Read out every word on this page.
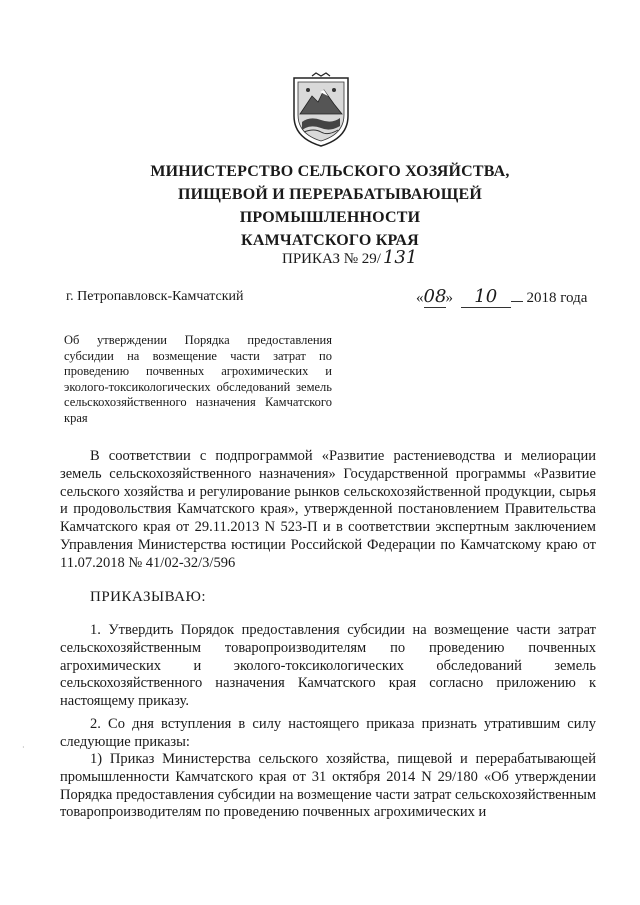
МИНИСТЕРСТВО СЕЛЬСКОГО ХОЗЯЙСТВА,
ПИЩЕВОЙ И ПЕРЕРАБАТЫВАЮЩЕЙ ПРОМЫШЛЕННОСТИ
КАМЧАТСКОГО КРАЯ
ПРИКАЗ № 29/ 131
г. Петропавловск-Камчатский	«08» 10 2018 года
Об утверждении Порядка предоставления субсидии на возмещение части затрат по проведению почвенных агрохимических и эколого-токсикологических обследований земель сельскохозяйственного назначения Камчатского края

В соответствии с подпрограммой «Развитие растениеводства и мелиорации земель сельскохозяйственного назначения» Государственной программы «Развитие сельского хозяйства и регулирование рынков сельскохозяйственной продукции, сырья и продовольствия Камчатского края», утвержденной постановлением Правительства Камчатского края от 29.11.2013 N 523-П и в соответствии экспертным заключением Управления Министерства юстиции Российской Федерации по Камчатскому краю от 11.07.2018 № 41/02-32/3/596

ПРИКАЗЫВАЮ:

1. Утвердить Порядок предоставления субсидии на возмещение части затрат сельскохозяйственным товаропроизводителям по проведению почвенных агрохимических и эколого-токсикологических обследований земель сельскохозяйственного назначения Камчатского края согласно приложению к настоящему приказу.

2. Со дня вступления в силу настоящего приказа признать утратившим силу следующие приказы:

1) Приказ Министерства сельского хозяйства, пищевой и перерабатывающей промышленности Камчатского края от 31 октября 2014 N 29/180 «Об утверждении Порядка предоставления субсидии на возмещение части затрат сельскохозяйственным товаропроизводителям по проведению почвенных агрохимических и

·
